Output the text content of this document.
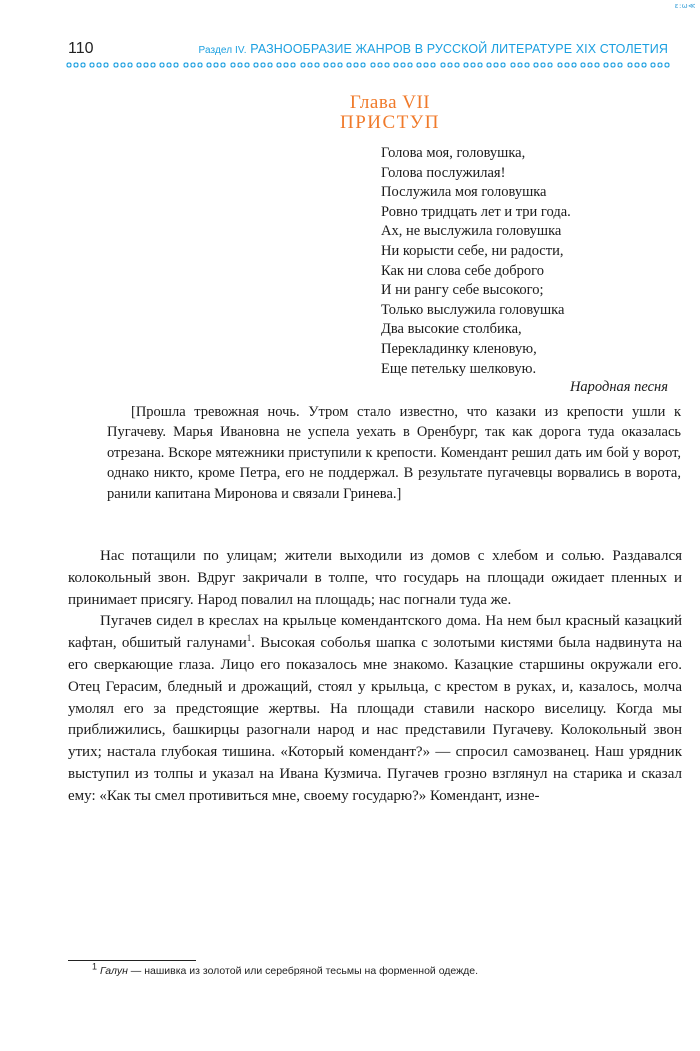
ε:ω≪
110	Раздел IV. РАЗНООБРАЗИЕ ЖАНРОВ В РУССКОЙ ЛИТЕРАТУРЕ XIX СТОЛЕТИЯ
Глава VII
ПРИСТУП
Голова моя, головушка,
Голова послужилая!
Послужила моя головушка
Ровно тридцать лет и три года.
Ах, не выслужила головушка
Ни корысти себе, ни радости,
Как ни слова себе доброго
И ни рангу себе высокого;
Только выслужила головушка
Два высокие столбика,
Перекладинку кленовую,
Еще петельку шелковую.
Народная песня

[Прошла тревожная ночь. Утром стало известно, что казаки из крепости ушли к Пугачеву. Марья Ивановна не успела уехать в Оренбург, так как дорога туда оказалась отрезана. Вскоре мятежники приступили к крепости. Комендант решил дать им бой у ворот, однако никто, кроме Петра, его не поддержал. В результате пугачевцы ворвались в ворота, ранили капитана Миронова и связали Гринева.]

Нас потащили по улицам; жители выходили из домов с хлебом и солью. Раздавался колокольный звон. Вдруг закричали в толпе, что государь на площади ожидает пленных и принимает присягу. Народ повалил на площадь; нас погнали туда же.

Пугачев сидел в креслах на крыльце комендантского дома. На нем был красный казацкий кафтан, обшитый галунами$^1$. Высокая соболья шапка с золотыми кистями была надвинута на его сверкающие глаза. Лицо его показалось мне знакомо. Казацкие старшины окружали его. Отец Герасим, бледный и дрожащий, стоял у крыльца, с крестом в руках, и, казалось, молча умолял его за предстоящие жертвы. На площади ставили наскоро виселицу. Когда мы приближились, башкирцы разогнали народ и нас представили Пугачеву. Колокольный звон утих; настала глубокая тишина. «Который комендант?» — спросил самозванец. Наш урядник выступил из толпы и указал на Ивана Кузмича. Пугачев грозно взглянул на старика и сказал ему: «Как ты смел противиться мне, своему государю?» Комендант, изне-

$^1$ Галун — нашивка из золотой или серебряной тесьмы на форменной одежде.
